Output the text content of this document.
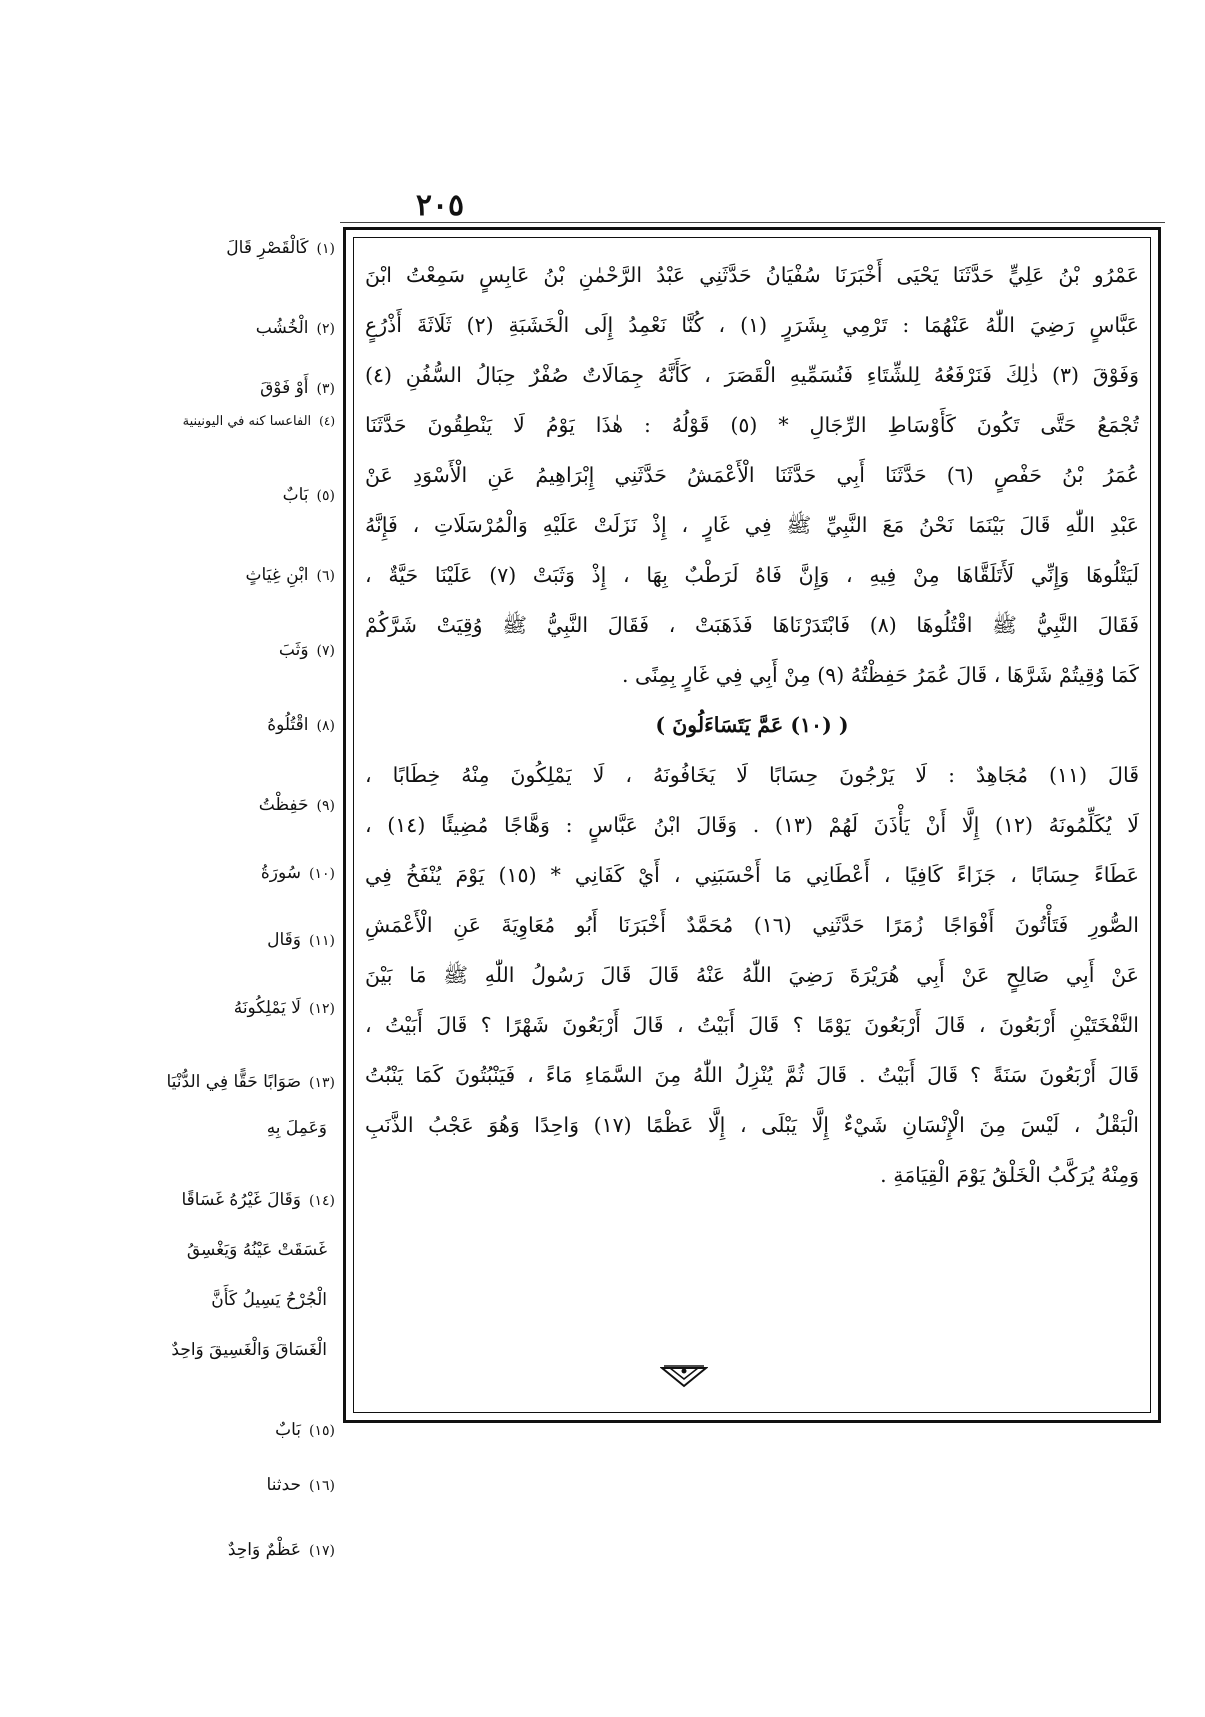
٢٠٥
عَمْرُو بْنُ عَلِيٍّ حَدَّثَنَا يَحْيَى أَخْبَرَنَا سُفْيَانُ حَدَّثَنِي عَبْدُ الرَّحْمٰنِ بْنُ عَابِسٍ سَمِعْتُ ابْنَ
عَبَّاسٍ رَضِيَ اللّٰهُ عَنْهُمَا : تَرْمِي بِشَرَرٍ (١) ، كُنَّا نَعْمِدُ إِلَى الْخَشَبَةِ (٢) ثَلَاثَةَ أَذْرُعٍ
وَفَوْقَ (٣) ذٰلِكَ فَنَرْفَعُهُ لِلشِّتَاءِ فَنُسَمِّيهِ الْقَصَرَ ، كَأَنَّهُ جِمَالَاتٌ صُفْرٌ حِبَالُ السُّفُنِ (٤)
تُجْمَعُ حَتَّى تَكُونَ كَأَوْسَاطِ الرِّجَالِ * (٥) قَوْلُهُ : هٰذَا يَوْمُ لَا يَنْطِقُونَ حَدَّثَنَا
عُمَرُ بْنُ حَفْصٍ (٦) حَدَّثَنَا أَبِي حَدَّثَنَا الْأَعْمَشُ حَدَّثَنِي إِبْرَاهِيمُ عَنِ الْأَسْوَدِ عَنْ
عَبْدِ اللّٰهِ قَالَ بَيْنَمَا نَحْنُ مَعَ النَّبِيِّ ﷺ فِي غَارٍ ، إِذْ نَزَلَتْ عَلَيْهِ وَالْمُرْسَلَاتِ ، فَإِنَّهُ
لَيَتْلُوهَا وَإِنِّي لَأَتَلَقَّاهَا مِنْ فِيهِ ، وَإِنَّ فَاهُ لَرَطْبٌ بِهَا ، إِذْ وَثَبَتْ (٧) عَلَيْنَا حَيَّةٌ ،
فَقَالَ النَّبِيُّ ﷺ اقْتُلُوهَا (٨) فَابْتَدَرْنَاهَا فَذَهَبَتْ ، فَقَالَ النَّبِيُّ ﷺ وُقِيَتْ شَرَّكُمْ
كَمَا وُقِيتُمْ شَرَّهَا ، قَالَ عُمَرُ حَفِظْتُهُ (٩) مِنْ أَبِي فِي غَارٍ بِمِنًى .
( (١٠) عَمَّ يَتَسَاءَلُونَ )
قَالَ (١١) مُجَاهِدٌ : لَا يَرْجُونَ حِسَابًا لَا يَخَافُونَهُ ، لَا يَمْلِكُونَ مِنْهُ خِطَابًا ،
لَا يُكَلِّمُونَهُ (١٢) إِلَّا أَنْ يَأْذَنَ لَهُمْ (١٣) . وَقَالَ ابْنُ عَبَّاسٍ : وَهَّاجًا مُضِيئًا (١٤) ،
عَطَاءً حِسَابًا ، جَزَاءً كَافِيًا ، أَعْطَانِي مَا أَحْسَبَنِي ، أَيْ كَفَانِي * (١٥) يَوْمَ يُنْفَخُ فِي
الصُّورِ فَتَأْتُونَ أَفْوَاجًا زُمَرًا حَدَّثَنِي (١٦) مُحَمَّدٌ أَخْبَرَنَا أَبُو مُعَاوِيَةَ عَنِ الْأَعْمَشِ
عَنْ أَبِي صَالِحٍ عَنْ أَبِي هُرَيْرَةَ رَضِيَ اللّٰهُ عَنْهُ قَالَ قَالَ رَسُولُ اللّٰهِ ﷺ مَا بَيْنَ
النَّفْخَتَيْنِ أَرْبَعُونَ ، قَالَ أَرْبَعُونَ يَوْمًا ؟ قَالَ أَبَيْتُ ، قَالَ أَرْبَعُونَ شَهْرًا ؟ قَالَ أَبَيْتُ ،
قَالَ أَرْبَعُونَ سَنَةً ؟ قَالَ أَبَيْتُ . قَالَ ثُمَّ يُنْزِلُ اللّٰهُ مِنَ السَّمَاءِ مَاءً ، فَيَنْبُتُونَ كَمَا يَنْبُتُ
الْبَقْلُ ، لَيْسَ مِنَ الْإِنْسَانِ شَيْءٌ إِلَّا يَبْلَى ، إِلَّا عَظْمًا (١٧) وَاحِدًا وَهُوَ عَجْبُ الذَّنَبِ
وَمِنْهُ يُرَكَّبُ الْخَلْقُ يَوْمَ الْقِيَامَةِ .
(١)كَالْقَصْرِ قَالَ
(٢)الْخُشُب
(٣)أَوْ فَوْقَ
(٤)الفاعسا كنه في اليونينية
(٥)بَابٌ
(٦)ابْنِ غِيَاثٍ
(٧)وَثَبَ
(٨)اقْتُلُوهُ
(٩)حَفِظْتُ
(١٠)سُورَةُ
(١١)وَقَال
(١٢)لَا يَمْلِكُونَهُ
(١٣)صَوَابًا حَقًّا فِي الدُّنْيَا
وَعَمِلَ بِهِ
(١٤)وَقَالَ غَيْرُهُ غَسَاقًا
غَسَقَتْ عَيْنُهُ وَيَغْسِقُ
الْجُرْحُ يَسِيلُ كَأَنَّ
الْغَسَاقَ وَالْغَسِيقَ وَاحِدٌ
(١٥)بَابٌ
(١٦)حدثنا
(١٧)عَظْمٌ وَاحِدٌ
